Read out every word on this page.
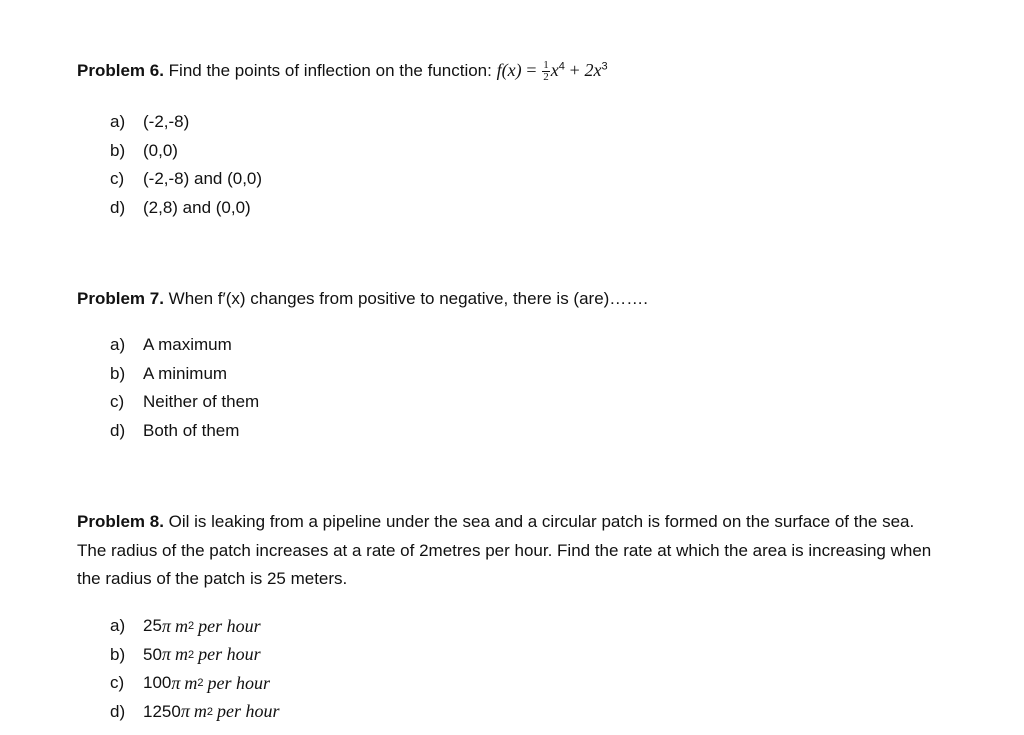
Problem 6. Find the points of inflection on the function: $f(x) = \frac{1}{2} x^4 + 2x^3$
a)	(-2,-8)
b)	(0,0)
c)	(-2,-8) and (0,0)
d)	(2,8) and (0,0)
Problem 7. When f′(x) changes from positive to negative, there is (are)…….
a)	A maximum
b)	A minimum
c)	Neither of them
d)	Both of them
Problem 8. Oil is leaking from a pipeline under the sea and a circular patch is formed on the surface of the sea. The radius of the patch increases at a rate of 2metres per hour. Find the rate at which the area is increasing when the radius of the patch is 25 meters.
a)	25 π m 2 per hour
b)	50 π m 2 per hour
c)	100 π m 2 per hour
d)	1250 π m 2 per hour
